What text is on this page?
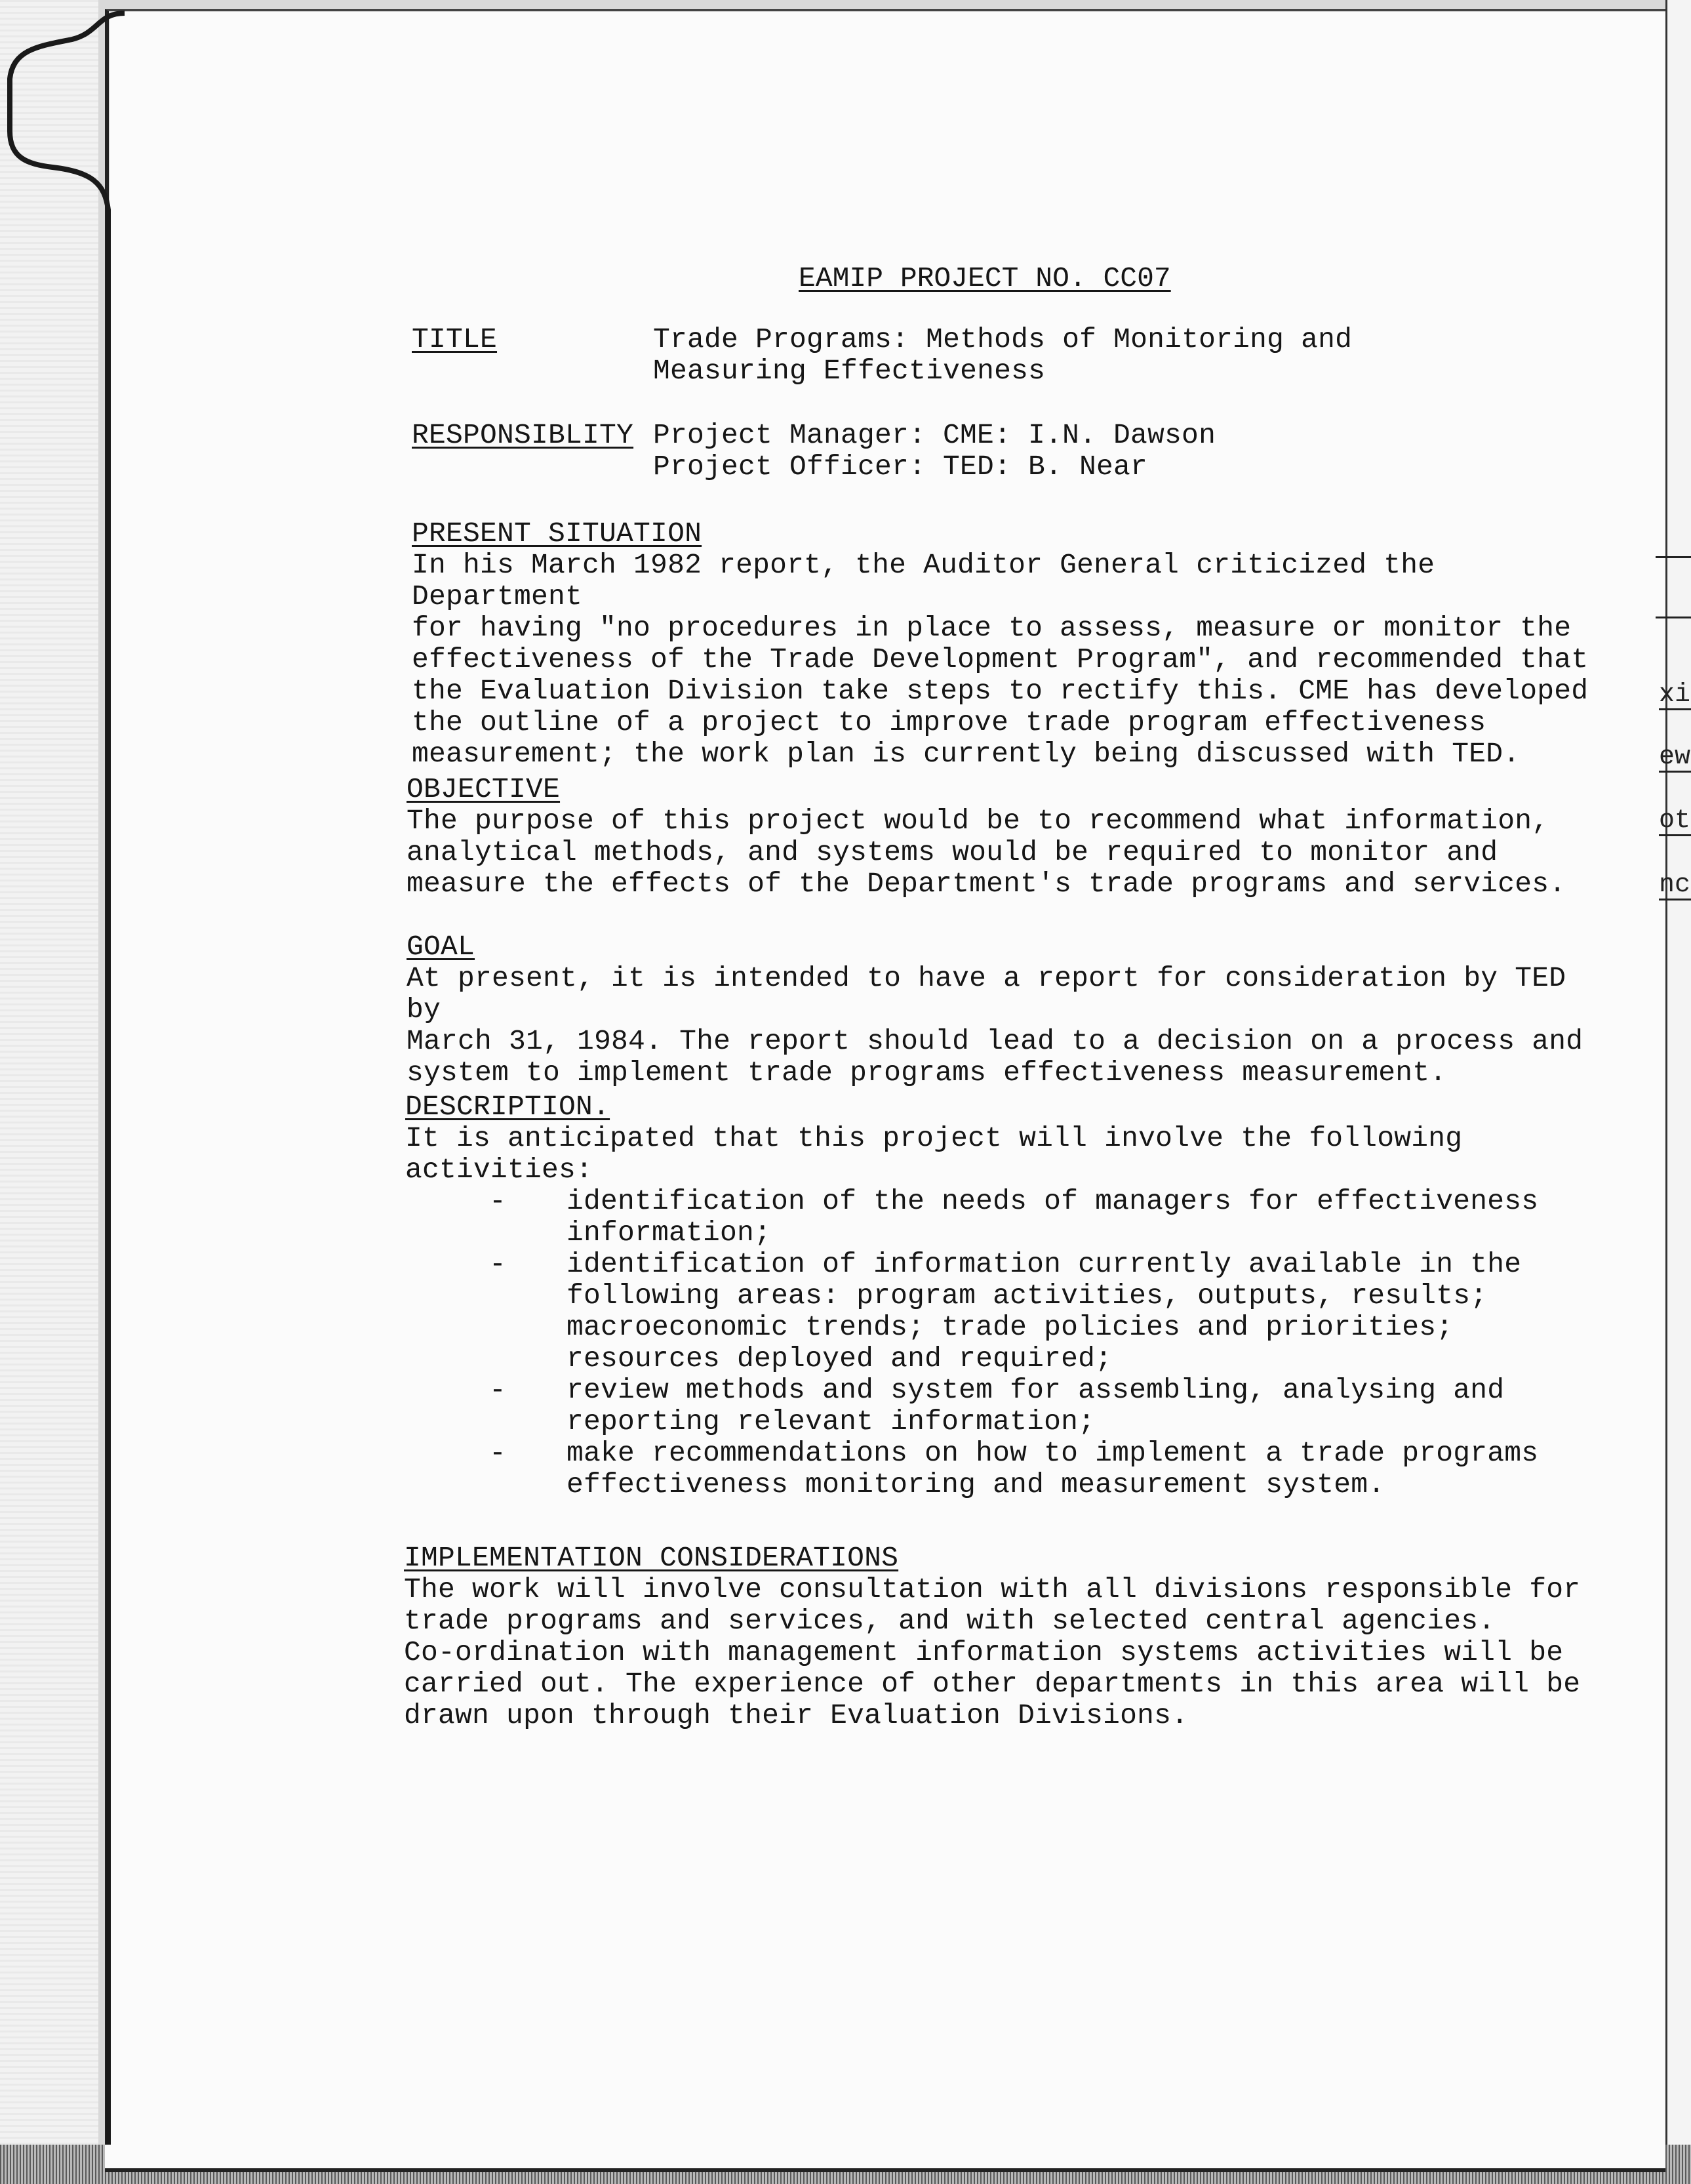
xi
ew
ot
nc
EAMIP PROJECT NO. CC07
TITLE	Trade Programs: Methods of Monitoring and
Measuring Effectiveness
RESPONSIBLITY Project Manager: CME: I.N. Dawson
Project Officer: TED: B. Near
PRESENT SITUATION

In his March 1982 report, the Auditor General criticized the Department
for having "no procedures in place to assess, measure or monitor the
effectiveness of the Trade Development Program", and recommended that
the Evaluation Division take steps to rectify this. CME has developed
the outline of a project to improve trade program effectiveness
measurement; the work plan is currently being discussed with TED.

OBJECTIVE

The purpose of this project would be to recommend what information,
analytical methods, and systems would be required to monitor and
measure the effects of the Department's trade programs and services.

GOAL

At present, it is intended to have a report for consideration by TED by
March 31, 1984. The report should lead to a decision on a process and
system to implement trade programs effectiveness measurement.

DESCRIPTION.

It is anticipated that this project will involve the following
activities:

- identification of the needs of managers for effectiveness
information;
- identification of information currently available in the
following areas: program activities, outputs, results;
macroeconomic trends; trade policies and priorities;
resources deployed and required;
- review methods and system for assembling, analysing and
reporting relevant information;
- make recommendations on how to implement a trade programs
effectiveness monitoring and measurement system.
IMPLEMENTATION CONSIDERATIONS

The work will involve consultation with all divisions responsible for
trade programs and services, and with selected central agencies.
Co-ordination with management information systems activities will be
carried out. The experience of other departments in this area will be
drawn upon through their Evaluation Divisions.
